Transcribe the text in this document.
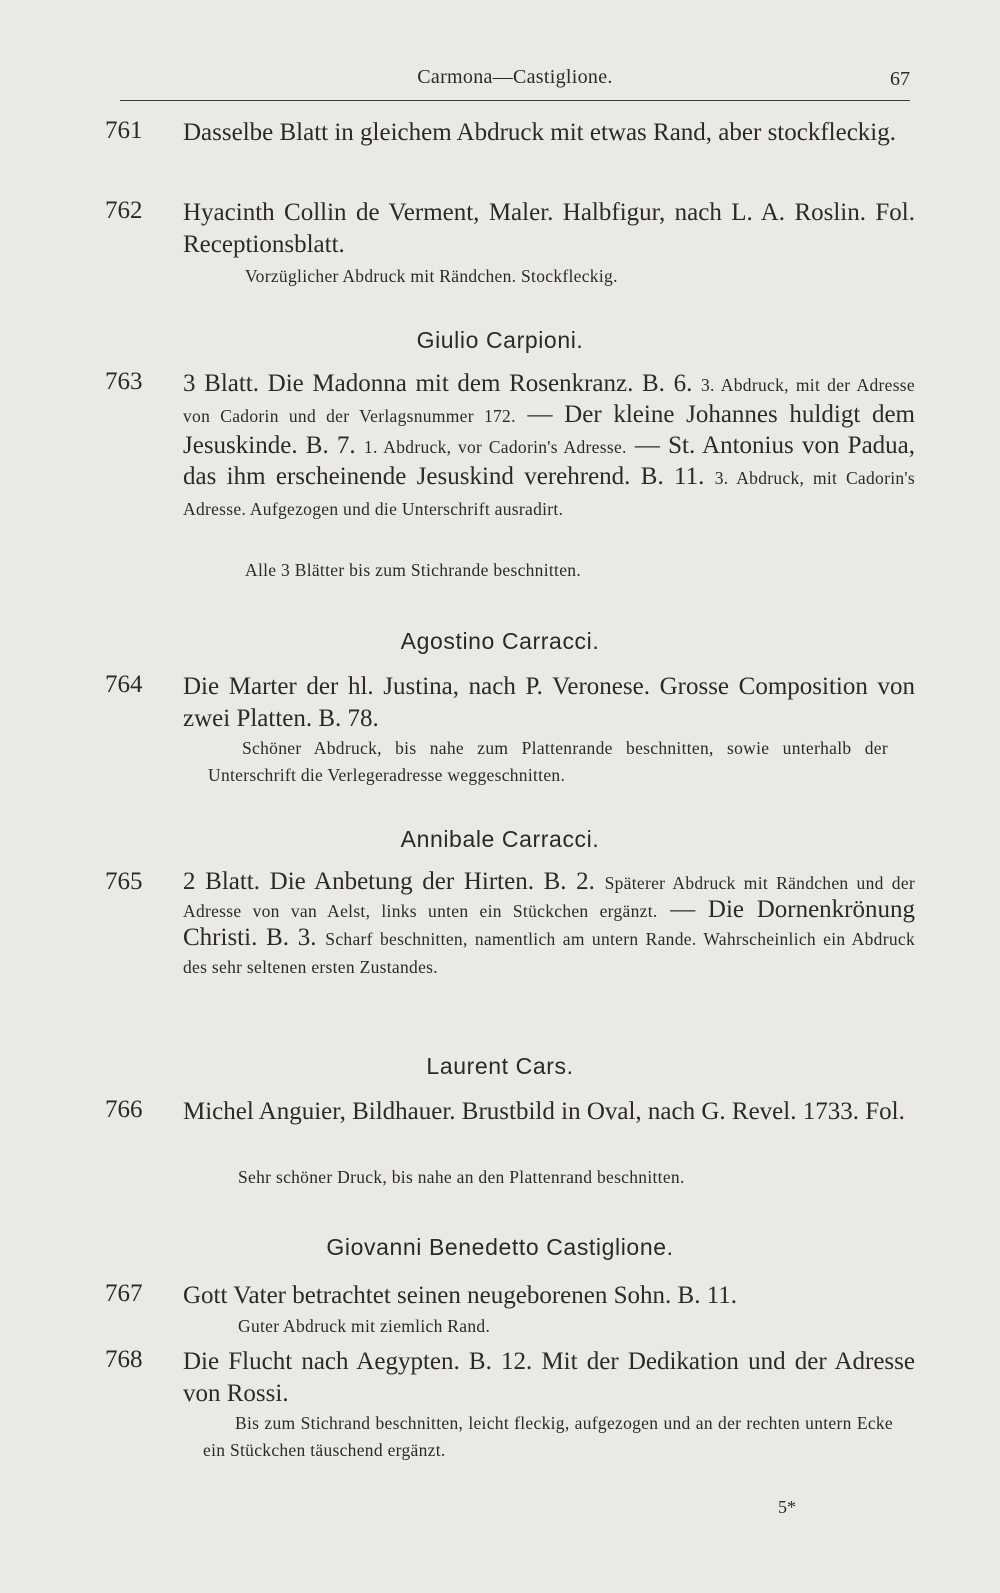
Carmona—Castiglione.	67
761	Dasselbe Blatt in gleichem Abdruck mit etwas Rand, aber stockfleckig.
762	Hyacinth Collin de Verment, Maler. Halbfigur, nach L. A. Roslin. Fol. Receptionsblatt.
Vorzüglicher Abdruck mit Rändchen. Stockfleckig.
Giulio Carpioni.
763	3 Blatt. Die Madonna mit dem Rosenkranz. B. 6. 3. Abdruck, mit der Adresse von Cadorin und der Verlagsnummer 172. — Der kleine Johannes huldigt dem Jesuskinde. B. 7. 1. Abdruck, vor Cadorin's Adresse. — St. Antonius von Padua, das ihm erscheinende Jesuskind verehrend. B. 11. 3. Abdruck, mit Cadorin's Adresse. Aufgezogen und die Unterschrift ausradirt.
Alle 3 Blätter bis zum Stichrande beschnitten.
Agostino Carracci.
764	Die Marter der hl. Justina, nach P. Veronese. Grosse Composition von zwei Platten. B. 78.
Schöner Abdruck, bis nahe zum Plattenrande beschnitten, sowie unterhalb der Unterschrift die Verlegeradresse weggeschnitten.
Annibale Carracci.
765	2 Blatt. Die Anbetung der Hirten. B. 2. Späterer Abdruck mit Rändchen und der Adresse von van Aelst, links unten ein Stückchen ergänzt. — Die Dornenkrönung Christi. B. 3. Scharf beschnitten, namentlich am untern Rande. Wahrscheinlich ein Abdruck des sehr seltenen ersten Zustandes.
Laurent Cars.
766	Michel Anguier, Bildhauer. Brustbild in Oval, nach G. Revel. 1733. Fol.
Sehr schöner Druck, bis nahe an den Plattenrand beschnitten.
Giovanni Benedetto Castiglione.
767	Gott Vater betrachtet seinen neugeborenen Sohn. B. 11.
Guter Abdruck mit ziemlich Rand.
768	Die Flucht nach Aegypten. B. 12. Mit der Dedikation und der Adresse von Rossi.
Bis zum Stichrand beschnitten, leicht fleckig, aufgezogen und an der rechten untern Ecke ein Stückchen täuschend ergänzt.
5*
